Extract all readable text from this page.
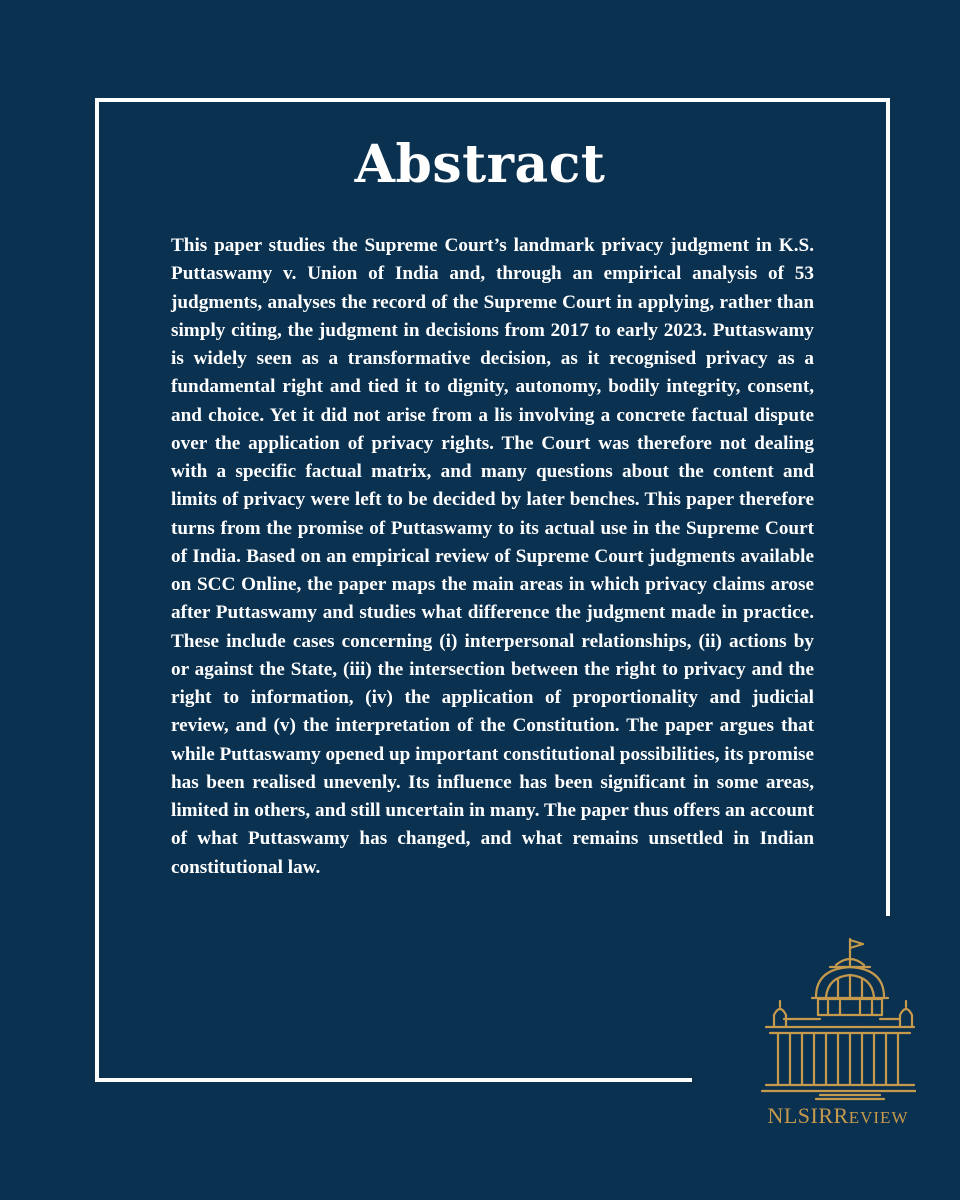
Abstract

This paper studies the Supreme Court’s landmark privacy judgment in K.S. Puttaswamy v. Union of India and, through an empirical analysis of 53 judgments, analyses the record of the Supreme Court in applying, rather than simply citing, the judgment in decisions from 2017 to early 2023. Puttaswamy is widely seen as a transformative decision, as it recognised privacy as a fundamental right and tied it to dignity, autonomy, bodily integrity, consent, and choice. Yet it did not arise from a lis involving a concrete factual dispute over the application of privacy rights. The Court was therefore not dealing with a specific factual matrix, and many questions about the content and limits of privacy were left to be decided by later benches. This paper therefore turns from the promise of Puttaswamy to its actual use in the Supreme Court of India. Based on an empirical review of Supreme Court judgments available on SCC Online, the paper maps the main areas in which privacy claims arose after Puttaswamy and studies what difference the judgment made in practice. These include cases concerning (i) interpersonal relationships, (ii) actions by or against the State, (iii) the intersection between the right to privacy and the right to information, (iv) the application of proportionality and judicial review, and (v) the interpretation of the Constitution. The paper argues that while Puttaswamy opened up important constitutional possibilities, its promise has been realised unevenly. Its influence has been significant in some areas, limited in others, and still uncertain in many. The paper thus offers an account of what Puttaswamy has changed, and what remains unsettled in Indian constitutional law.

NLSIRREVIEW
